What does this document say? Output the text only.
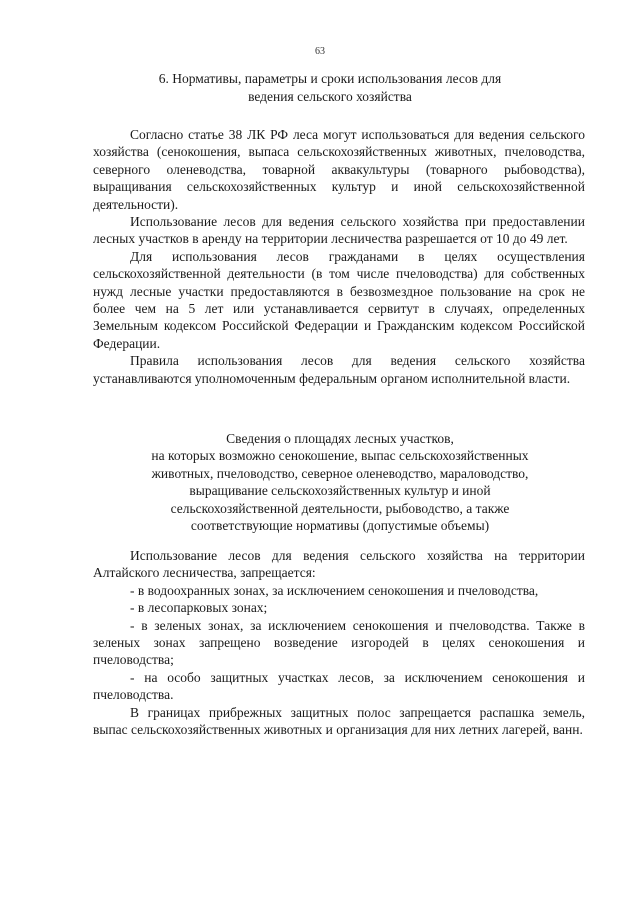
63
6. Нормативы, параметры и сроки использования лесов для
ведения сельского хозяйства

Согласно статье 38 ЛК РФ леса могут использоваться для ведения сельского хозяйства (сенокошения, выпаса сельскохозяйственных животных, пчеловодства, северного оленеводства, товарной аквакультуры (товарного рыбоводства), выращивания сельскохозяйственных культур и иной сельскохозяйственной деятельности).

Использование лесов для ведения сельского хозяйства при предоставлении лесных участков в аренду на территории лесничества разрешается от 10 до 49 лет.

Для использования лесов гражданами в целях осуществления сельскохозяйственной деятельности (в том числе пчеловодства) для собственных нужд лесные участки предоставляются в безвозмездное пользование на срок не более чем на 5 лет или устанавливается сервитут в случаях, определенных Земельным кодексом Российской Федерации и Гражданским кодексом Российской Федерации.

Правила использования лесов для ведения сельского хозяйства устанавливаются уполномоченным федеральным органом исполнительной власти.

Сведения о площадях лесных участков,
на которых возможно сенокошение, выпас сельскохозяйственных
животных, пчеловодство, северное оленеводство, мараловодство,
выращивание сельскохозяйственных культур и иной
сельскохозяйственной деятельности, рыбоводство, а также
соответствующие нормативы (допустимые объемы)

Использование лесов для ведения сельского хозяйства на территории Алтайского лесничества, запрещается:

- в водоохранных зонах, за исключением сенокошения и пчеловодства,

- в лесопарковых зонах;

- в зеленых зонах, за исключением сенокошения и пчеловодства. Также в зеленых зонах запрещено возведение изгородей в целях сенокошения и пчеловодства;

- на особо защитных участках лесов, за исключением сенокошения и пчеловодства.

В границах прибрежных защитных полос запрещается распашка земель, выпас сельскохозяйственных животных и организация для них летних лагерей, ванн.
